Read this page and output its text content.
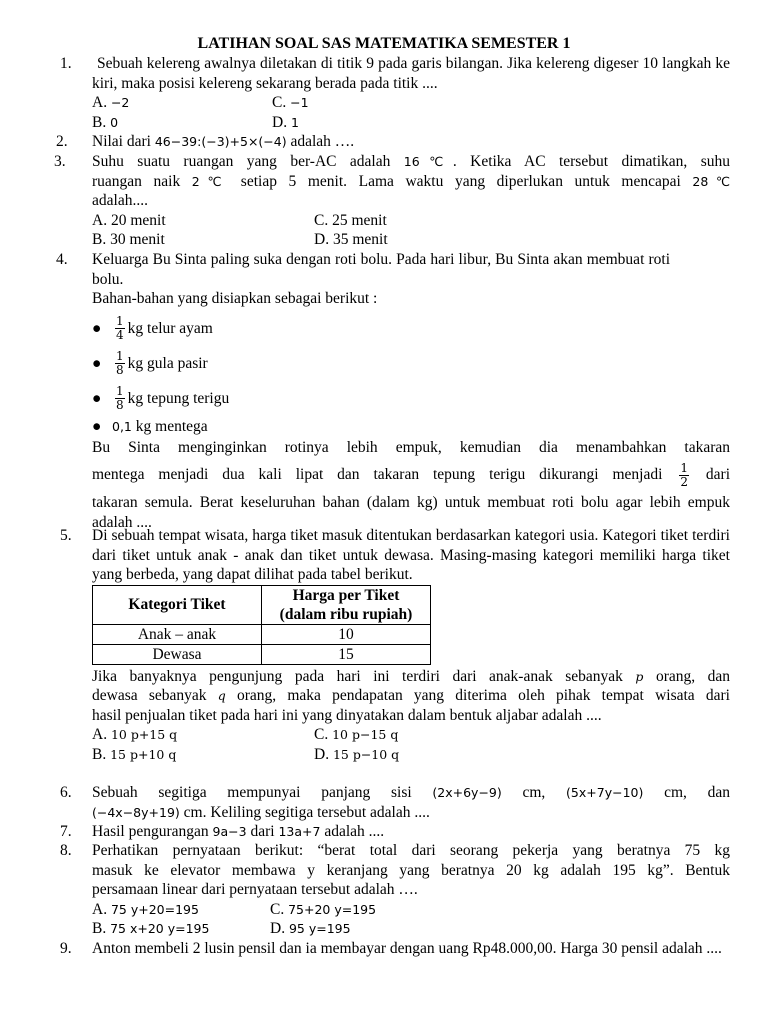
LATIHAN SOAL SAS MATEMATIKA SEMESTER 1
1.	Sebuah kelereng awalnya diletakan di titik 9 pada garis bilangan. Jika kelereng digeser 10 langkah ke kiri, maka posisi kelereng sekarang berada pada titik ....
A. −2	C. −1
B. 0	D. 1
2.	Nilai dari 46−39:(−3)+5×(−4) adalah ….
3.	Suhu suatu ruangan yang ber-AC adalah 16℃. Ketika AC tersebut dimatikan, suhu
ruangan naik 2℃ setiap 5 menit. Lama waktu yang diperlukan untuk mencapai 28℃
adalah....
A. 20 menit	C. 25 menit
B. 30 menit	D. 35 menit
4.	Keluarga Bu Sinta paling suka dengan roti bolu. Pada hari libur, Bu Sinta akan membuat roti bolu.
Bahan-bahan yang disiapkan sebagai berikut :
● $\frac{1}{4}$ kg telur ayam
● $\frac{1}{8}$ kg gula pasir
● $\frac{1}{8}$ kg tepung terigu
● 0,1 kg mentega
Bu Sinta menginginkan rotinya lebih empuk, kemudian dia menambahkan takaran
mentega menjadi dua kali lipat dan takaran tepung terigu dikurangi menjadi $\frac{1}{2}$ dari
takaran semula. Berat keseluruhan bahan (dalam kg) untuk membuat roti bolu agar lebih empuk adalah ....
5.	Di sebuah tempat wisata, harga tiket masuk ditentukan berdasarkan kategori usia. Kategori tiket terdiri dari tiket untuk anak - anak dan tiket untuk dewasa. Masing-masing kategori memiliki harga tiket yang berbeda, yang dapat dilihat pada tabel berikut.
Kategori Tiket	Harga per Tiket
(dalam ribu rupiah)

Anak – anak	10
Dewasa	15
Jika banyaknya pengunjung pada hari ini terdiri dari anak-anak sebanyak p orang, dan
dewasa sebanyak q orang, maka pendapatan yang diterima oleh pihak tempat wisata dari
hasil penjualan tiket pada hari ini yang dinyatakan dalam bentuk aljabar adalah ....
A. 10 p+15 q	C. 10 p−15 q
B. 15 p+10 q	D. 15 p−10 q
6.	Sebuah segitiga mempunyai panjang sisi (2x+6y−9) cm, (5x+7y−10) cm, dan
(−4x−8y+19) cm. Keliling segitiga tersebut adalah ....
7.	Hasil pengurangan 9a−3 dari 13a+7 adalah ....
8.	Perhatikan pernyataan berikut: “berat total dari seorang pekerja yang beratnya 75 kg
masuk ke elevator membawa y keranjang yang beratnya 20 kg adalah 195 kg”. Bentuk
persamaan linear dari pernyataan tersebut adalah ….
A. 75 y+20=195	C. 75+20 y=195
B. 75 x+20 y=195	D. 95 y=195
9.	Anton membeli 2 lusin pensil dan ia membayar dengan uang Rp48.000,00. Harga 30 pensil adalah ....
